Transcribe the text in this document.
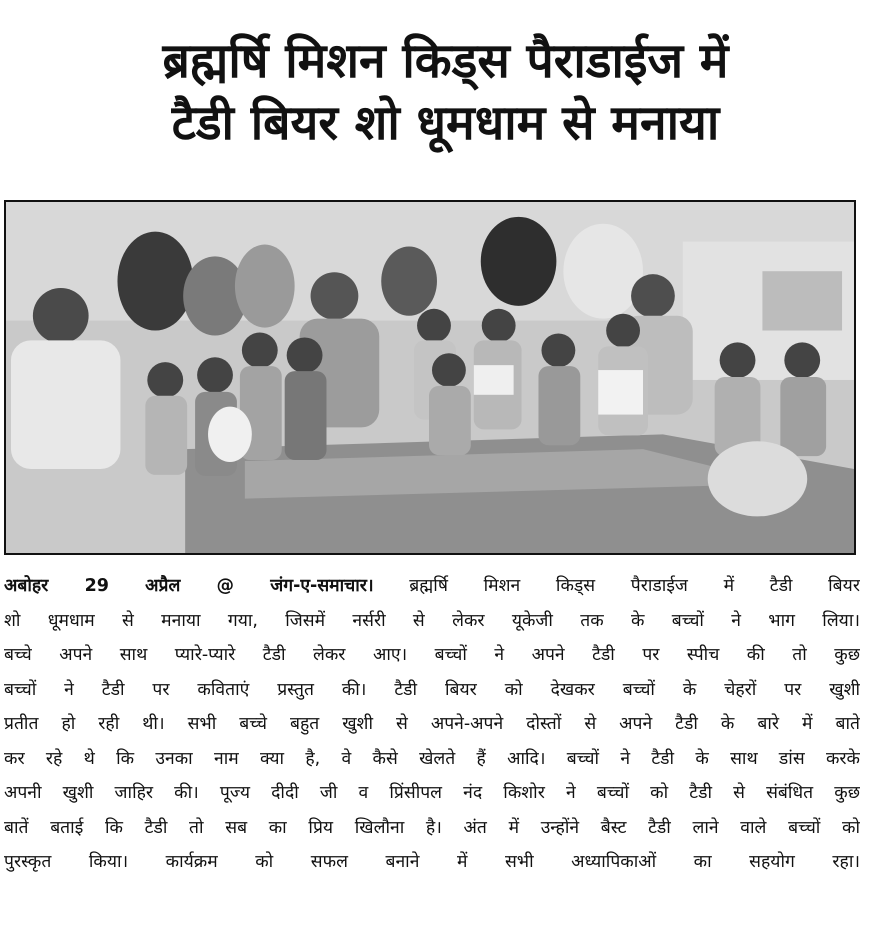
ब्रह्मर्षि मिशन किड्स पैराडाईज में
टैडी बियर शो धूमधाम से मनाया
अबोहर 29 अप्रैल @ जंग-ए-समाचार। ब्रह्मर्षि मिशन किड्स पैराडाईज में टैडी बियर
शो धूमधाम से मनाया गया, जिसमें नर्सरी से लेकर यूकेजी तक के बच्चों ने भाग लिया।
बच्चे अपने साथ प्यारे-प्यारे टैडी लेकर आए। बच्चों ने अपने टैडी पर स्पीच की तो कुछ
बच्चों ने टैडी पर कविताएं प्रस्तुत की। टैडी बियर को देखकर बच्चों के चेहरों पर खुशी
प्रतीत हो रही थी। सभी बच्चे बहुत खुशी से अपने-अपने दोस्तों से अपने टैडी के बारे में बाते
कर रहे थे कि उनका नाम क्या है, वे कैसे खेलते हैं आदि। बच्चों ने टैडी के साथ डांस करके
अपनी खुशी जाहिर की। पूज्य दीदी जी व प्रिंसीपल नंद किशोर ने बच्चों को टैडी से संबंधित कुछ
बातें बताई कि टैडी तो सब का प्रिय खिलौना है। अंत में उन्होंने बैस्ट टैडी लाने वाले बच्चों को
पुरस्कृत किया। कार्यक्रम को सफल बनाने में सभी अध्यापिकाओं का सहयोग रहा।
